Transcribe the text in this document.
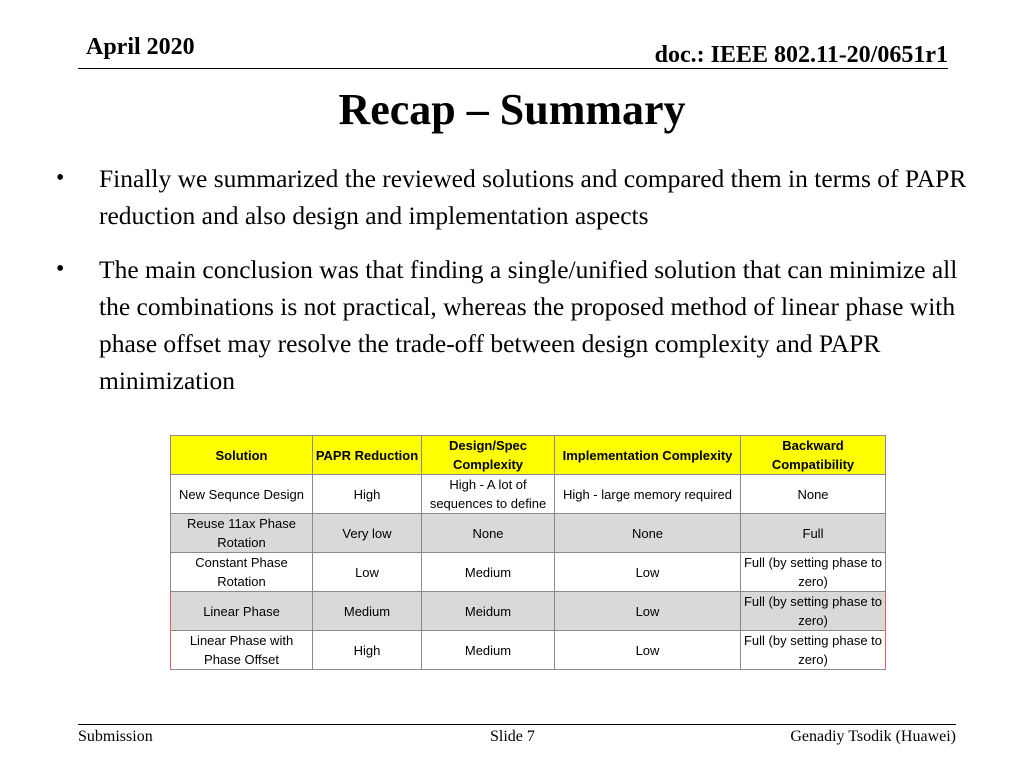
April 2020	doc.: IEEE 802.11-20/0651r1
Recap – Summary
•	Finally we summarized the reviewed solutions and compared them in terms of PAPR reduction and also design and implementation aspects
•	The main conclusion was that finding a single/unified solution that can minimize all the combinations is not practical, whereas the proposed method of linear phase with phase offset may resolve the trade-off between design complexity and PAPR minimization
Solution	PAPR Reduction	Design/Spec Complexity	Implementation Complexity	Backward Compatibility
New Sequnce Design	High	High - A lot of sequences to define	High - large memory required	None
Reuse 11ax Phase Rotation	Very low	None	None	Full
Constant Phase Rotation	Low	Medium	Low	Full (by setting phase to zero)
Linear Phase	Medium	Meidum	Low	Full (by setting phase to zero)
Linear Phase with Phase Offset	High	Medium	Low	Full (by setting phase to zero)
Submission	Slide 7	Genadiy Tsodik (Huawei)
